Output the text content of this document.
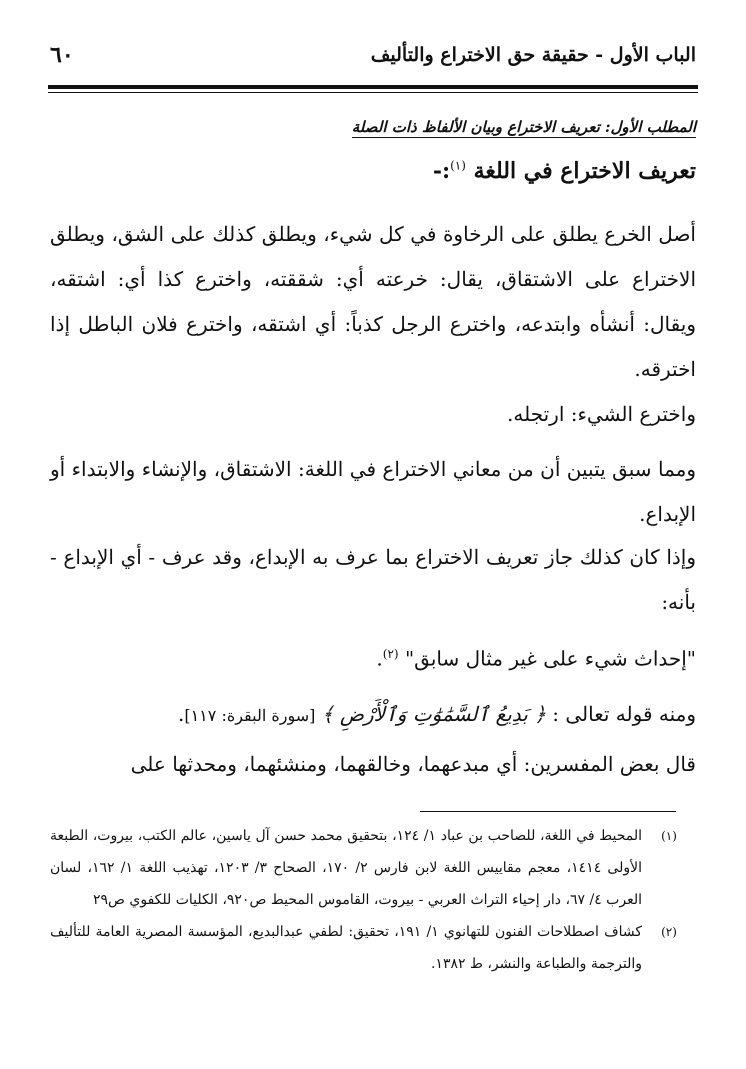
الباب الأول - حقيقة حق الاختراع والتأليف
٦٠
المطلب الأول: تعريف الاختراع وبيان الألفاظ ذات الصلة
تعريف الاختراع في اللغة $^{(١)}$:-
أصل الخرع يطلق على الرخاوة في كل شيء، ويطلق كذلك على الشق، ويطلق الاختراع على الاشتقاق، يقال: خرعته أي: شققته، واخترع كذا أي: اشتقه، ويقال: أنشأه وابتدعه، واخترع الرجل كذباً: أي اشتقه، واخترع فلان الباطل إذا اخترقه.
واخترع الشيء: ارتجله.
ومما سبق يتبين أن من معاني الاختراع في اللغة: الاشتقاق، والإنشاء والابتداء أو الإبداع.
وإذا كان كذلك جاز تعريف الاختراع بما عرف به الإبداع، وقد عرف - أي الإبداع - بأنه:
"إحداث شيء على غير مثال سابق" $^{(٢)}$.
ومنه قوله تعالى : ﴿ بَدِيعُ ٱلسَّمَٰوَٰتِ وَٱلْأَرْضِ ﴾ [سورة البقرة: ١١٧].
قال بعض المفسرين: أي مبدعهما، وخالقهما، ومنشئهما، ومحدثها على
(١)
المحيط في اللغة، للصاحب بن عباد ١/ ١٢٤، بتحقيق محمد حسن آل ياسين، عالم الكتب، بيروت، الطبعة الأولى ١٤١٤، معجم مقاييس اللغة لابن فارس ٢/ ١٧٠، الصحاح ٣/ ١٢٠٣، تهذيب اللغة ١/ ١٦٢، لسان العرب ٤/ ٦٧، دار إحياء التراث العربي - بيروت، القاموس المحيط ص٩٢٠، الكليات للكفوي ص٢٩
(٢)
كشاف اصطلاحات الفنون للتهانوي ١/ ١٩١، تحقيق: لطفي عبدالبديع، المؤسسة المصرية العامة للتأليف والترجمة والطباعة والنشر، ط ١٣٨٢.
